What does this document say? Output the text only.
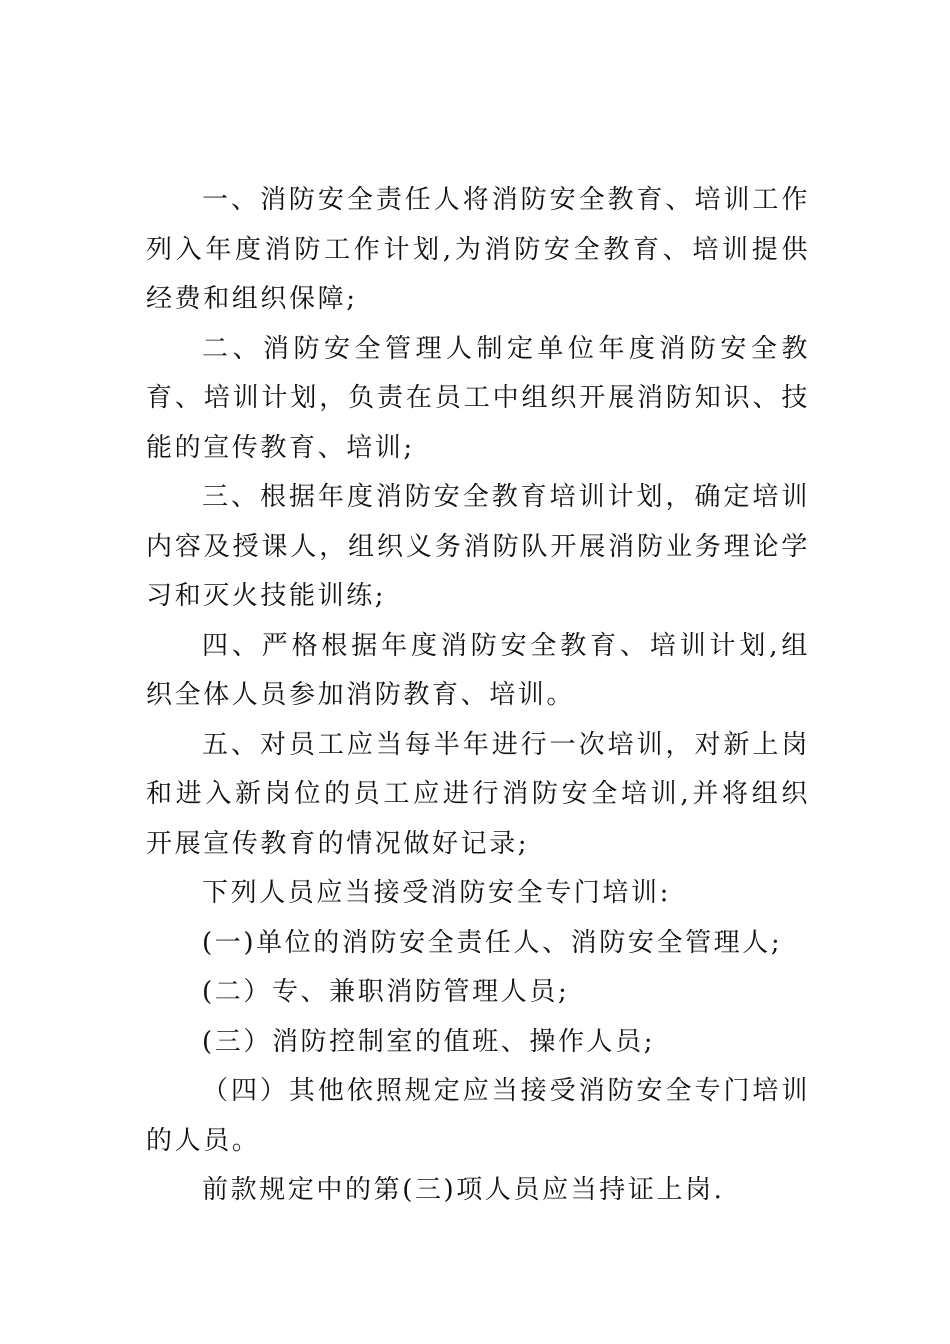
一、消防安全责任人将消防安全教育、培训工作列入年度消防工作计划,为消防安全教育、培训提供经费和组织保障;

二、消防安全管理人制定单位年度消防安全教育、培训计划，负责在员工中组织开展消防知识、技能的宣传教育、培训;

三、根据年度消防安全教育培训计划，确定培训内容及授课人，组织义务消防队开展消防业务理论学习和灭火技能训练;

四、严格根据年度消防安全教育、培训计划,组织全体人员参加消防教育、培训。

五、对员工应当每半年进行一次培训，对新上岗和进入新岗位的员工应进行消防安全培训,并将组织开展宣传教育的情况做好记录;

下列人员应当接受消防安全专门培训:

(一)单位的消防安全责任人、消防安全管理人;

(二）专、兼职消防管理人员;

(三）消防控制室的值班、操作人员;

（四）其他依照规定应当接受消防安全专门培训的人员。

前款规定中的第(三)项人员应当持证上岗.
